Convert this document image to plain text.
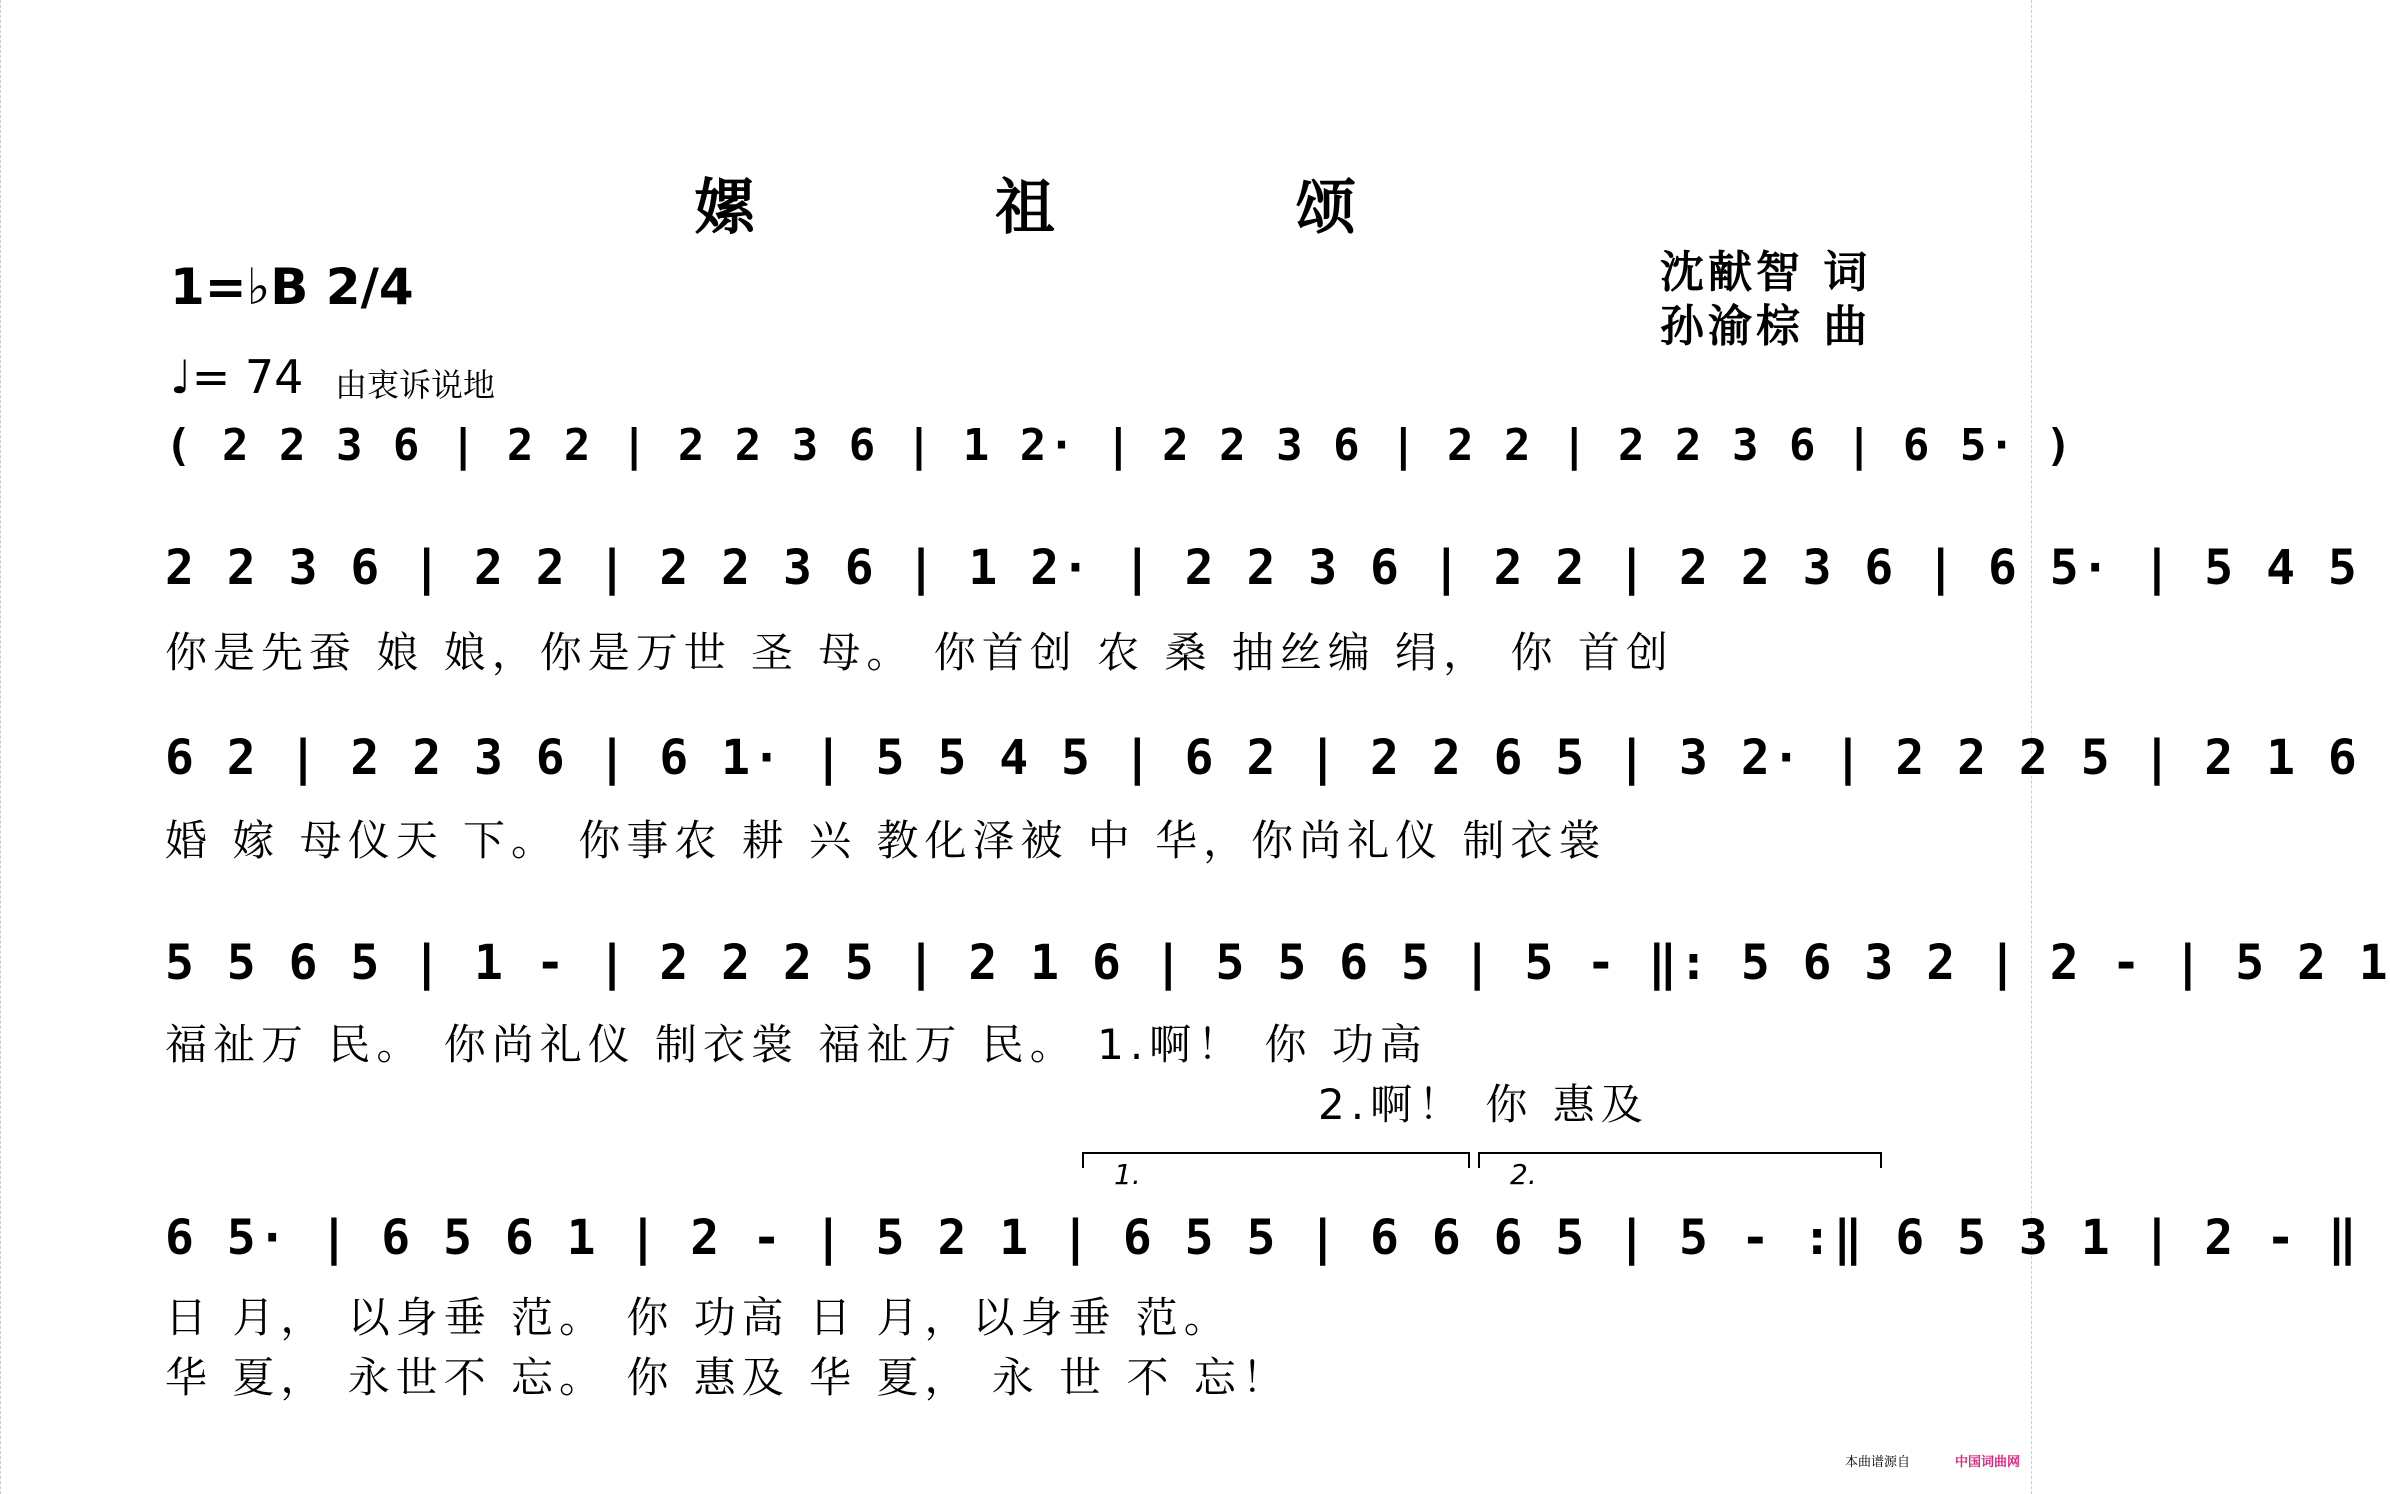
嫘 祖 颂
沈献智 词
孙渝棕 曲
1=♭B 2/4
♩= 74 由衷诉说地
( 2 2 3 6 | 2 2 | 2 2 3 6 | 1 2· | 2 2 3 6 | 2 2 | 2 2 3 6 | 6 5· )
2 2 3 6 | 2 2 | 2 2 3 6 | 1 2· | 2 2 3 6 | 2 2 | 2 2 3 6 | 6 5· | 5 4 5
你是先蚕 娘 娘，你是万世 圣 母。 你首创 农 桑 抽丝编 绢， 你 首创
6 2 | 2 2 3 6 | 6 1· | 5 5 4 5 | 6 2 | 2 2 6 5 | 3 2· | 2 2 2 5 | 2 1 6
婚 嫁 母仪天 下。 你事农 耕 兴 教化泽被 中 华，你尚礼仪 制衣裳
5 5 6 5 | 1 - | 2 2 2 5 | 2 1 6 | 5 5 6 5 | 5 - ‖: 5 6 3 2 | 2 - | 5 2 1
福祉万 民。 你尚礼仪 制衣裳 福祉万 民。 1.啊！ 你 功高
2.啊！ 你 惠及
1.	2.
6 5· | 6 5 6 1 | 2 - | 5 2 1 | 6 5 5 | 6 6 6 5 | 5 - :‖ 6 5 3 1 | 2 - ‖
日 月， 以身垂 范。 你 功高 日 月，以身垂 范。
华 夏， 永世不 忘。 你 惠及 华 夏， 永 世 不 忘！
本曲谱源自	中国词曲网
